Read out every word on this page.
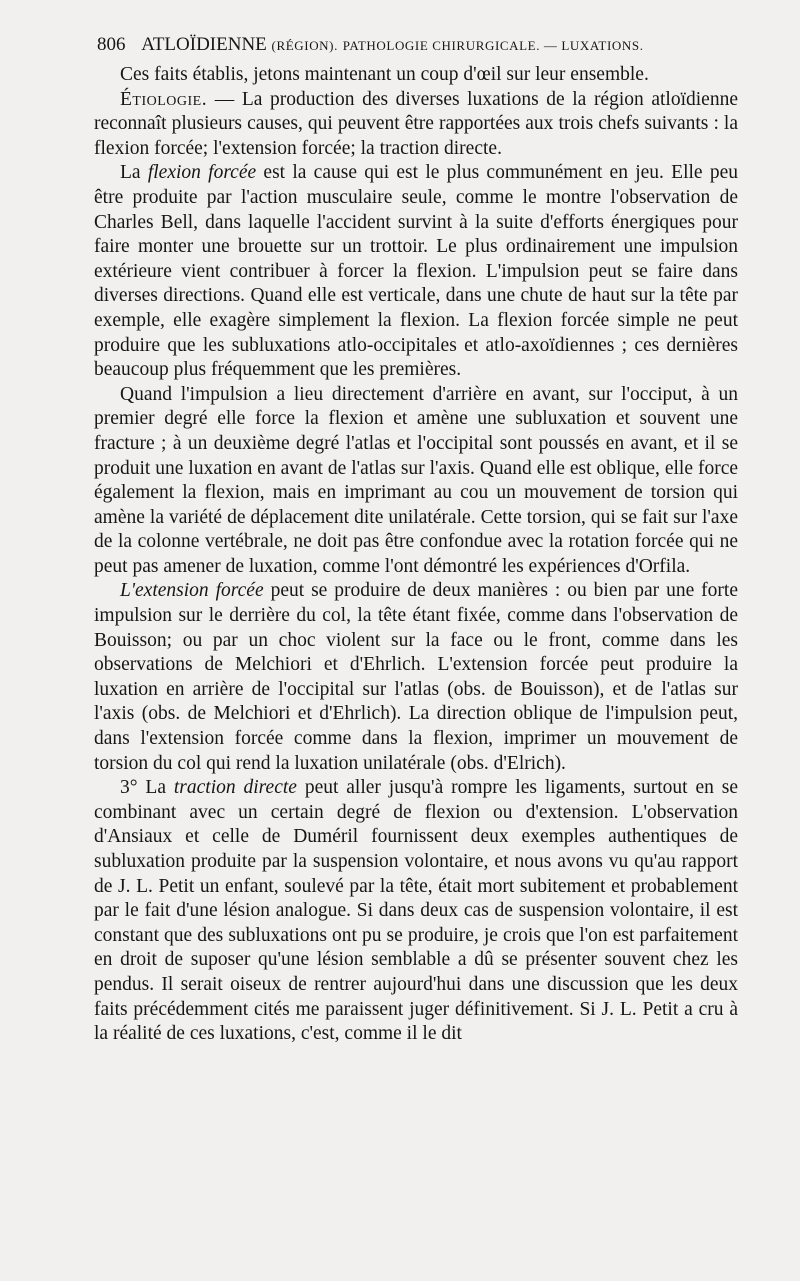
806 ATLOÏDIENNE (RÉGION). PATHOLOGIE CHIRURGICALE. — LUXATIONS.

Ces faits établis, jetons maintenant un coup d'œil sur leur ensemble.

Étiologie. — La production des diverses luxations de la région atloïdienne reconnaît plusieurs causes, qui peuvent être rapportées aux trois chefs suivants : la flexion forcée; l'extension forcée; la traction directe.

La flexion forcée est la cause qui est le plus communément en jeu. Elle peu être produite par l'action musculaire seule, comme le montre l'observation de Charles Bell, dans laquelle l'accident survint à la suite d'efforts énergiques pour faire monter une brouette sur un trottoir. Le plus ordinairement une impulsion extérieure vient contribuer à forcer la flexion. L'impulsion peut se faire dans diverses directions. Quand elle est verticale, dans une chute de haut sur la tête par exemple, elle exagère simplement la flexion. La flexion forcée simple ne peut produire que les subluxations atlo-occipitales et atlo-axoïdiennes ; ces dernières beaucoup plus fréquemment que les premières.

Quand l'impulsion a lieu directement d'arrière en avant, sur l'occiput, à un premier degré elle force la flexion et amène une subluxation et souvent une fracture ; à un deuxième degré l'atlas et l'occipital sont poussés en avant, et il se produit une luxation en avant de l'atlas sur l'axis. Quand elle est oblique, elle force également la flexion, mais en imprimant au cou un mouvement de torsion qui amène la variété de déplacement dite unilatérale. Cette torsion, qui se fait sur l'axe de la colonne vertébrale, ne doit pas être confondue avec la rotation forcée qui ne peut pas amener de luxation, comme l'ont démontré les expériences d'Orfila.

L'extension forcée peut se produire de deux manières : ou bien par une forte impulsion sur le derrière du col, la tête étant fixée, comme dans l'observation de Bouisson; ou par un choc violent sur la face ou le front, comme dans les observations de Melchiori et d'Ehrlich. L'extension forcée peut produire la luxation en arrière de l'occipital sur l'atlas (obs. de Bouisson), et de l'atlas sur l'axis (obs. de Melchiori et d'Ehrlich). La direction oblique de l'impulsion peut, dans l'extension forcée comme dans la flexion, imprimer un mouvement de torsion du col qui rend la luxation unilatérale (obs. d'Elrich).

3° La traction directe peut aller jusqu'à rompre les ligaments, surtout en se combinant avec un certain degré de flexion ou d'extension. L'observation d'Ansiaux et celle de Duméril fournissent deux exemples authentiques de subluxation produite par la suspension volontaire, et nous avons vu qu'au rapport de J. L. Petit un enfant, soulevé par la tête, était mort subitement et probablement par le fait d'une lésion analogue. Si dans deux cas de suspension volontaire, il est constant que des subluxations ont pu se produire, je crois que l'on est parfaitement en droit de suposer qu'une lésion semblable a dû se présenter souvent chez les pendus. Il serait oiseux de rentrer aujourd'hui dans une discussion que les deux faits précédemment cités me paraissent juger définitivement. Si J. L. Petit a cru à la réalité de ces luxations, c'est, comme il le dit
